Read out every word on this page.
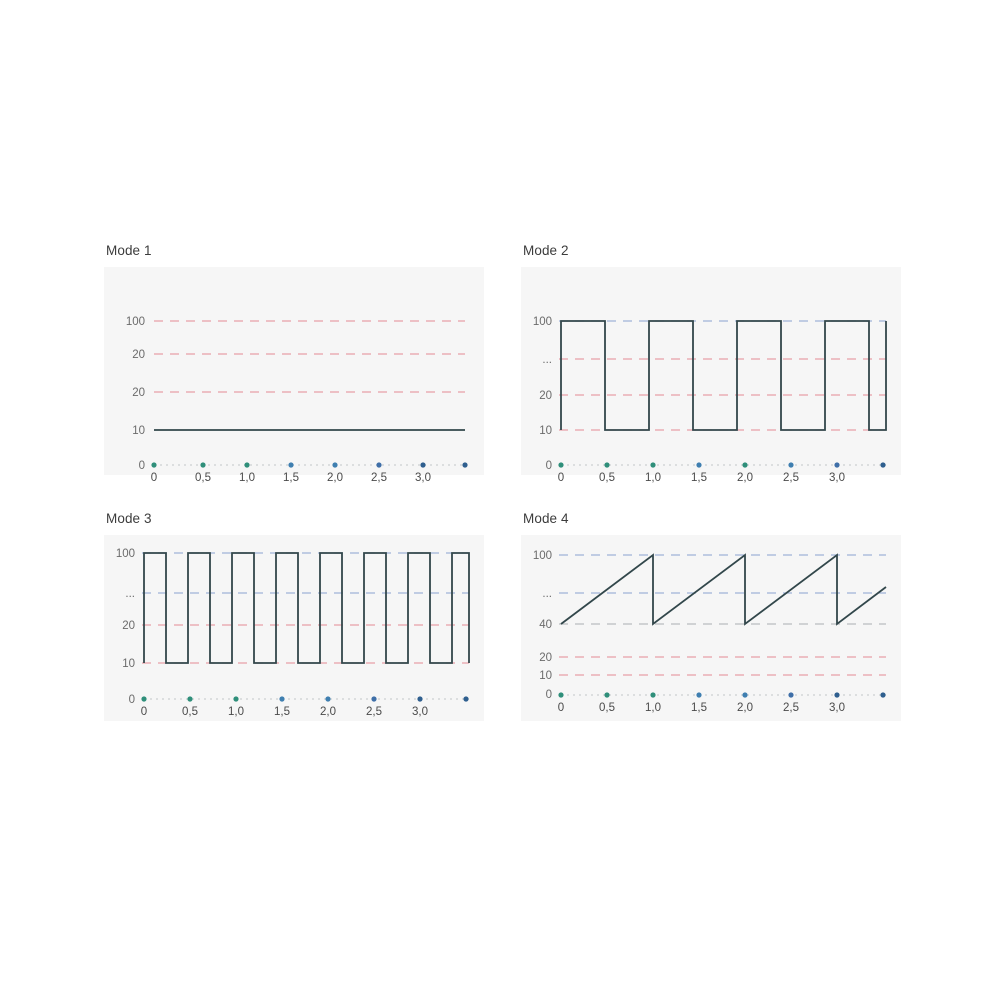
Mode 1
100
20
20
10
0
0	0,5 1,0 1,5 2,0 2,5 3,0
Mode 2
100
...
20
10
0
0	0,5	1,0	1,5	2,0	2,5	3,0
Mode 3
100
...
20
10
0
0	0,5	1,0	1,5	2,0	2,5	3,0
Mode 4
100
...
40
20
10
0
0	0,5	1,0	1,5	2,0	2,5	3,0
